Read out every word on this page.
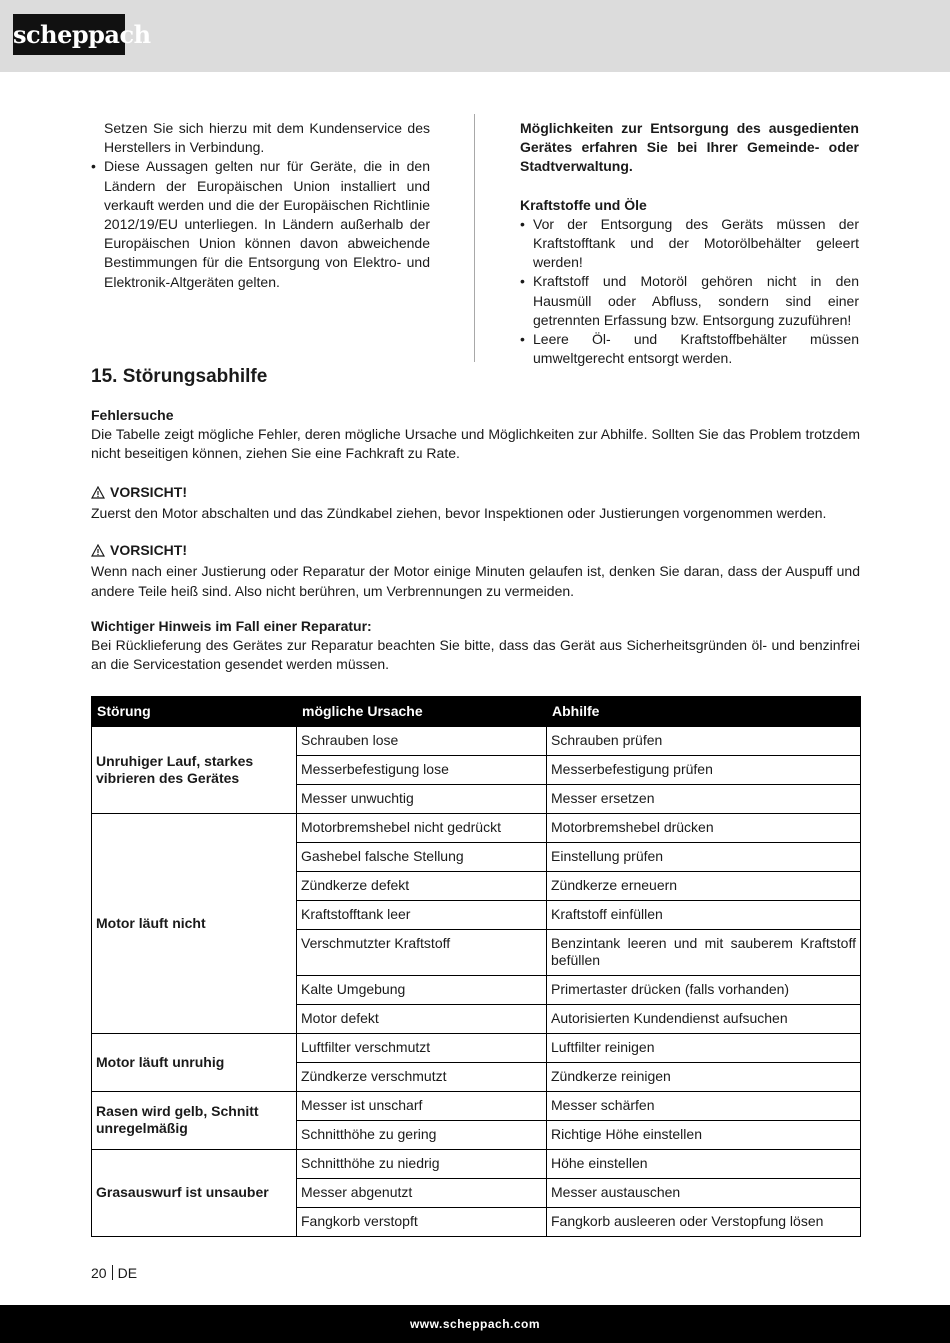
scheppach

Setzen Sie sich hierzu mit dem Kundenservice des Herstellers in Verbindung.

• Diese Aussagen gelten nur für Geräte, die in den Ländern der Europäischen Union installiert und verkauft werden und die der Europäischen Richtlinie 2012/19/EU unterliegen. In Ländern außerhalb der Europäischen Union können davon abweichende Bestimmungen für die Entsorgung von Elektro- und Elektronik-Altgeräten gelten.

Möglichkeiten zur Entsorgung des ausgedienten Gerätes erfahren Sie bei Ihrer Gemeinde- oder Stadtverwaltung.

Kraftstoffe und Öle

• Vor der Entsorgung des Geräts müssen der Kraftstofftank und der Motorölbehälter geleert werden!
• Kraftstoff und Motoröl gehören nicht in den Hausmüll oder Abfluss, sondern sind einer getrennten Erfassung bzw. Entsorgung zuzuführen!
• Leere Öl- und Kraftstoffbehälter müssen umweltgerecht entsorgt werden.
15. Störungsabhilfe

Fehlersuche

Die Tabelle zeigt mögliche Fehler, deren mögliche Ursache und Möglichkeiten zur Abhilfe. Sollten Sie das Problem trotzdem nicht beseitigen können, ziehen Sie eine Fachkraft zu Rate.

VORSICHT!

Zuerst den Motor abschalten und das Zündkabel ziehen, bevor Inspektionen oder Justierungen vorgenommen werden.

VORSICHT!

Wenn nach einer Justierung oder Reparatur der Motor einige Minuten gelaufen ist, denken Sie daran, dass der Auspuff und andere Teile heiß sind. Also nicht berühren, um Verbrennungen zu vermeiden.

Wichtiger Hinweis im Fall einer Reparatur:

Bei Rücklieferung des Gerätes zur Reparatur beachten Sie bitte, dass das Gerät aus Sicherheitsgründen öl- und benzinfrei an die Servicestation gesendet werden müssen.

Störung	mögliche Ursache	Abhilfe
Unruhiger Lauf, starkes vibrieren des Gerätes	Schrauben lose	Schrauben prüfen
	Messerbefestigung lose	Messerbefestigung prüfen
	Messer unwuchtig	Messer ersetzen
Motor läuft nicht	Motorbremshebel nicht gedrückt	Motorbremshebel drücken
	Gashebel falsche Stellung	Einstellung prüfen
	Zündkerze defekt	Zündkerze erneuern
	Kraftstofftank leer	Kraftstoff einfüllen
	Verschmutzter Kraftstoff	Benzintank leeren und mit sauberem Kraftstoff befüllen
	Kalte Umgebung	Primertaster drücken (falls vorhanden)
	Motor defekt	Autorisierten Kundendienst aufsuchen
Motor läuft unruhig	Luftfilter verschmutzt	Luftfilter reinigen
	Zündkerze verschmutzt	Zündkerze reinigen
Rasen wird gelb, Schnitt unregelmäßig	Messer ist unscharf	Messer schärfen
	Schnitthöhe zu gering	Richtige Höhe einstellen
Grasauswurf ist unsauber	Schnitthöhe zu niedrig	Höhe einstellen
	Messer abgenutzt	Messer austauschen
	Fangkorb verstopft	Fangkorb ausleeren oder Verstopfung lösen
20 DE
www.scheppach.com
